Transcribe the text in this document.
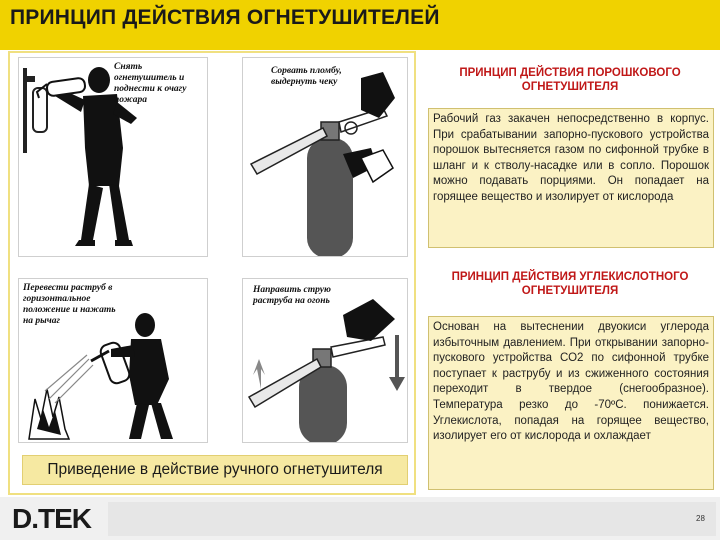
ПРИНЦИП ДЕЙСТВИЯ ОГНЕТУШИТЕЛЕЙ
Снять огнетушитель и поднести к очагу пожара
Сорвать пломбу, выдернуть чеку
Перевести раструб в горизонтальное положение и нажать на рычаг
Направить струю раструба на огонь
Приведение в действие ручного огнетушителя
ПРИНЦИП ДЕЙСТВИЯ ПОРОШКОВОГО
ОГНЕТУШИТЕЛЯ
Рабочий газ закачен непосредственно в корпус. При срабатывании запорно-пускового устройства порошок вытесняется газом по сифонной трубке в шланг и к стволу-насадке или в сопло. Порошок можно подавать порциями. Он попадает на горящее вещество и изолирует от кислорода
ПРИНЦИП ДЕЙСТВИЯ УГЛЕКИСЛОТНОГО
ОГНЕТУШИТЕЛЯ
Основан на вытеснении двуокиси углерода избыточным давлением. При открывании запорно-пускового устройства СО2 по сифонной трубке поступает к раструбу и из сжиженного состояния переходит в твердое (снегообразное). Температура резко до -70ºС. понижается. Углекислота, попадая на горящее вещество, изолирует его от кислорода и охлаждает
D.TEK	28
